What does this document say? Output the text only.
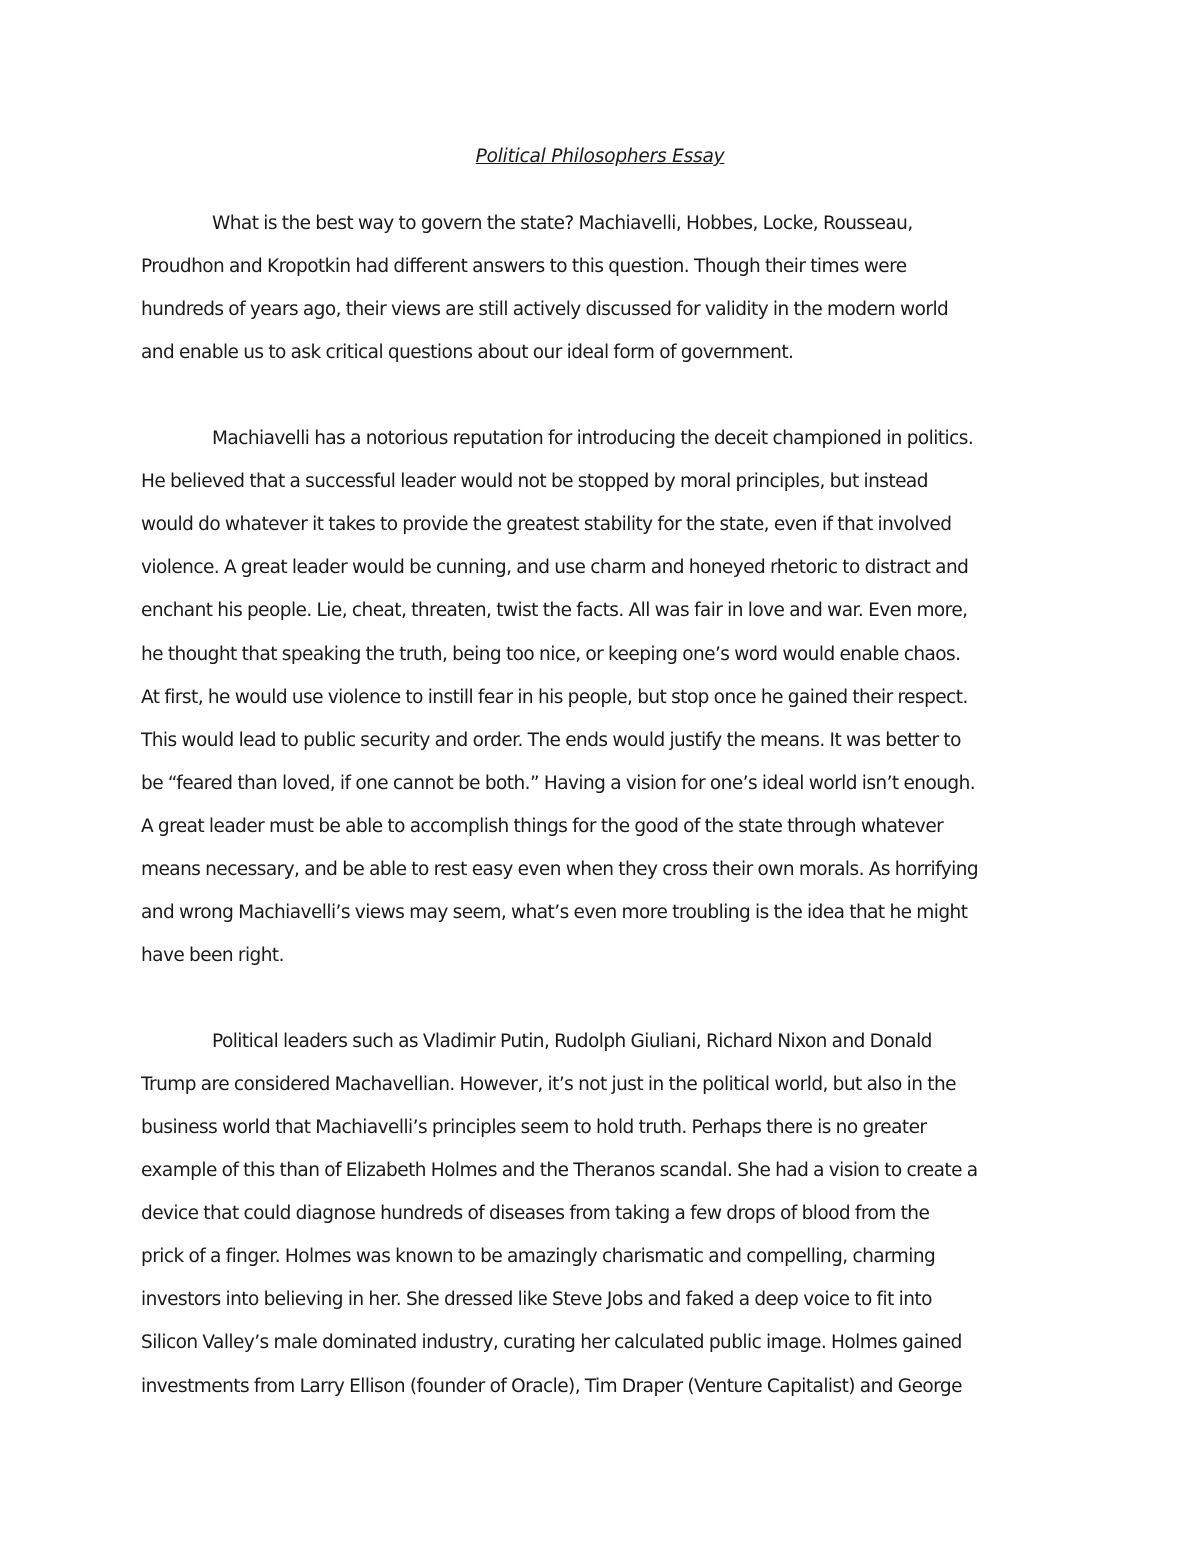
Political Philosophers Essay
What is the best way to govern the state? Machiavelli, Hobbes, Locke, Rousseau,
Proudhon and Kropotkin had different answers to this question. Though their times were
hundreds of years ago, their views are still actively discussed for validity in the modern world
and enable us to ask critical questions about our ideal form of government.
Machiavelli has a notorious reputation for introducing the deceit championed in politics.
He believed that a successful leader would not be stopped by moral principles, but instead
would do whatever it takes to provide the greatest stability for the state, even if that involved
violence. A great leader would be cunning, and use charm and honeyed rhetoric to distract and
enchant his people. Lie, cheat, threaten, twist the facts. All was fair in love and war. Even more,
he thought that speaking the truth, being too nice, or keeping one’s word would enable chaos.
At first, he would use violence to instill fear in his people, but stop once he gained their respect.
This would lead to public security and order. The ends would justify the means. It was better to
be “feared than loved, if one cannot be both.” Having a vision for one’s ideal world isn’t enough.
A great leader must be able to accomplish things for the good of the state through whatever
means necessary, and be able to rest easy even when they cross their own morals. As horrifying
and wrong Machiavelli’s views may seem, what’s even more troubling is the idea that he might
have been right.
Political leaders such as Vladimir Putin, Rudolph Giuliani, Richard Nixon and Donald
Trump are considered Machavellian. However, it’s not just in the political world, but also in the
business world that Machiavelli’s principles seem to hold truth. Perhaps there is no greater
example of this than of Elizabeth Holmes and the Theranos scandal. She had a vision to create a
device that could diagnose hundreds of diseases from taking a few drops of blood from the
prick of a finger. Holmes was known to be amazingly charismatic and compelling, charming
investors into believing in her. She dressed like Steve Jobs and faked a deep voice to fit into
Silicon Valley’s male dominated industry, curating her calculated public image. Holmes gained
investments from Larry Ellison (founder of Oracle), Tim Draper (Venture Capitalist) and George
